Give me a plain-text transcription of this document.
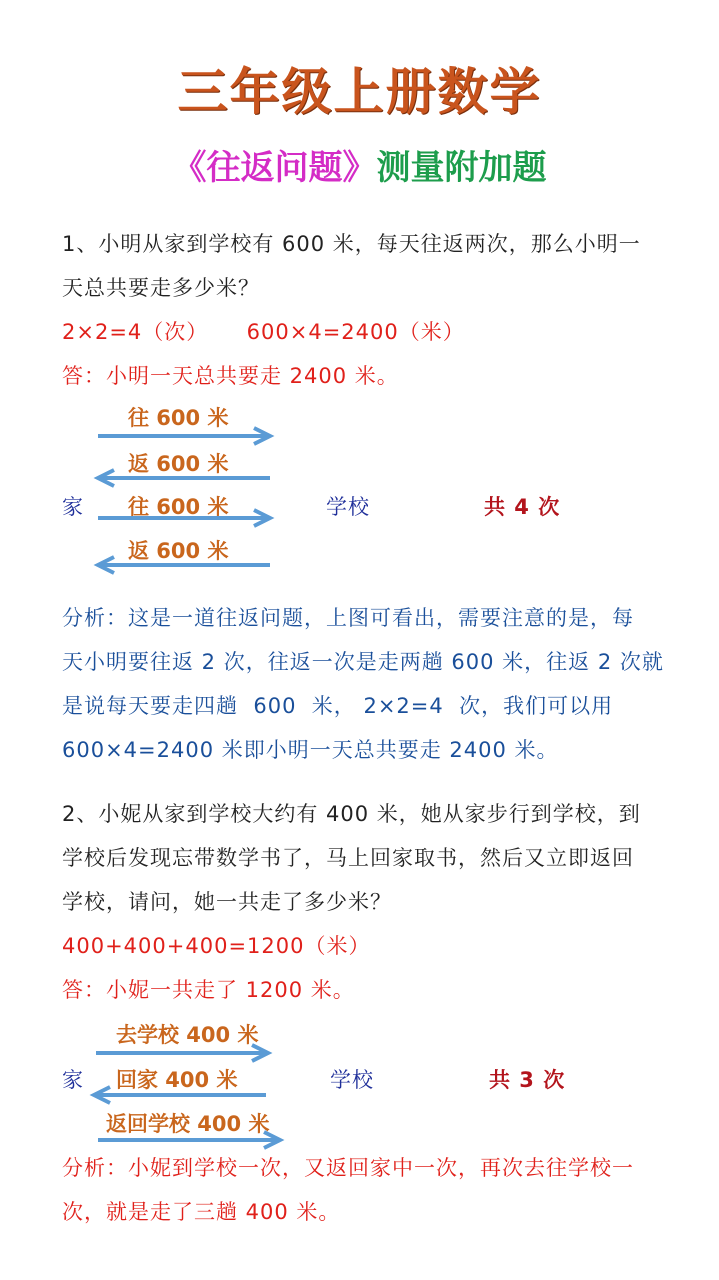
三年级上册数学
《往返问题》测量附加题
1、小明从家到学校有 600 米，每天往返两次，那么小明一
天总共要走多少米？
2×2=4（次）     600×4=2400（米）
答：小明一天总共要走 2400 米。
往 600 米
返 600 米
家 往 600 米	学校	共 4 次
返 600 米
分析：这是一道往返问题，上图可看出，需要注意的是，每
天小明要往返 2 次，往返一次是走两趟 600 米，往返 2 次就
是说每天要走四趟  600  米， 2×2=4  次，我们可以用
600×4=2400 米即小明一天总共要走 2400 米。
2、小妮从家到学校大约有 400 米，她从家步行到学校，到
学校后发现忘带数学书了，马上回家取书，然后又立即返回
学校，请问，她一共走了多少米？
400+400+400=1200（米）
答：小妮一共走了 1200 米。
去学校 400 米
家 回家 400 米	学校	共 3 次
返回学校 400 米
分析：小妮到学校一次，又返回家中一次，再次去往学校一
次，就是走了三趟 400 米。
